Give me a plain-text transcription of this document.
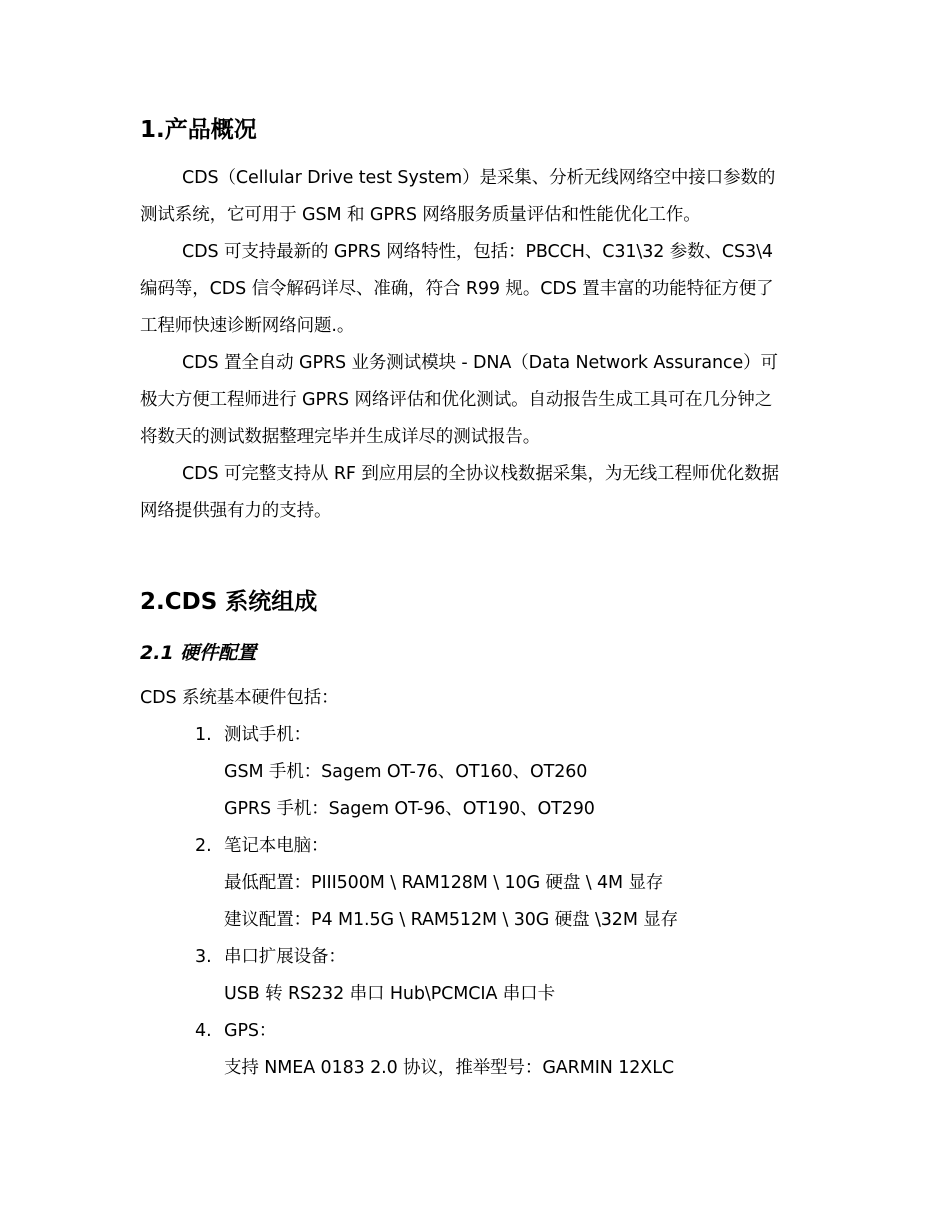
1.产品概况

CDS（Cellular Drive test System）是采集、分析无线网络空中接口参数的
测试系统，它可用于 GSM 和 GPRS 网络服务质量评估和性能优化工作。

CDS 可支持最新的 GPRS 网络特性，包括：PBCCH、C31\32 参数、CS3\4
编码等，CDS 信令解码详尽、准确，符合 R99 规。CDS 置丰富的功能特征方便了
工程师快速诊断网络问题.。

CDS 置全自动 GPRS 业务测试模块 - DNA（Data Network Assurance）可
极大方便工程师进行 GPRS 网络评估和优化测试。自动报告生成工具可在几分钟之
将数天的测试数据整理完毕并生成详尽的测试报告。

CDS 可完整支持从 RF 到应用层的全协议栈数据采集，为无线工程师优化数据
网络提供强有力的支持。

2.CDS 系统组成
2.1 硬件配置

CDS 系统基本硬件包括：

1. 测试手机：

GSM 手机：Sagem OT-76、OT160、OT260

GPRS 手机：Sagem OT-96、OT190、OT290

2. 笔记本电脑：

最低配置：PIII500M \ RAM128M \ 10G 硬盘 \ 4M 显存

建议配置：P4 M1.5G \ RAM512M \ 30G 硬盘 \32M 显存

3. 串口扩展设备：

USB 转 RS232 串口 Hub\PCMCIA 串口卡

4. GPS：

支持 NMEA 0183 2.0 协议，推举型号：GARMIN 12XLC
